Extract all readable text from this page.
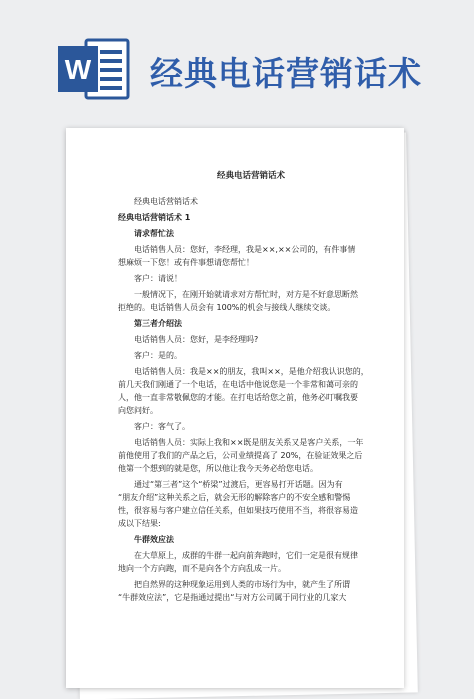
W 经典电话营销话术
经典电话营销话术
经典电话营销话术
经典电话营销话术 1
请求帮忙法
电话销售人员：您好，李经理，我是××,××公司的，有件事情
想麻烦一下您！或有件事想请您帮忙！
客户：请说！
一般情况下，在刚开始就请求对方帮忙时，对方是不好意思断然
拒绝的。电话销售人员会有 100%的机会与接线人继续交谈。
第三者介绍法
电话销售人员：您好，是李经理吗?
客户：是的。
电话销售人员：我是××的朋友，我叫××，是他介绍我认识您的，
前几天我们刚通了一个电话，在电话中他说您是一个非常和蔼可亲的
人，他一直非常敬佩您的才能。在打电话给您之前，他务必叮嘱我要
向您问好。
客户：客气了。
电话销售人员：实际上我和××既是朋友关系又是客户关系，一年
前他使用了我们的产品之后，公司业绩提高了 20%，在验证效果之后
他第一个想到的就是您，所以他让我今天务必给您电话。
通过“第三者”这个“桥梁”过渡后，更容易打开话题。因为有
“朋友介绍”这种关系之后，就会无形的解除客户的不安全感和警惕
性，很容易与客户建立信任关系，但如果技巧使用不当，将很容易造
成以下结果:
牛群效应法
在大草原上，成群的牛群一起向前奔跑时，它们一定是很有规律
地向一个方向跑，而不是向各个方向乱成一片。
把自然界的这种现象运用到人类的市场行为中，就产生了所谓
“牛群效应法”，它是指通过提出“与对方公司属于同行业的几家大
